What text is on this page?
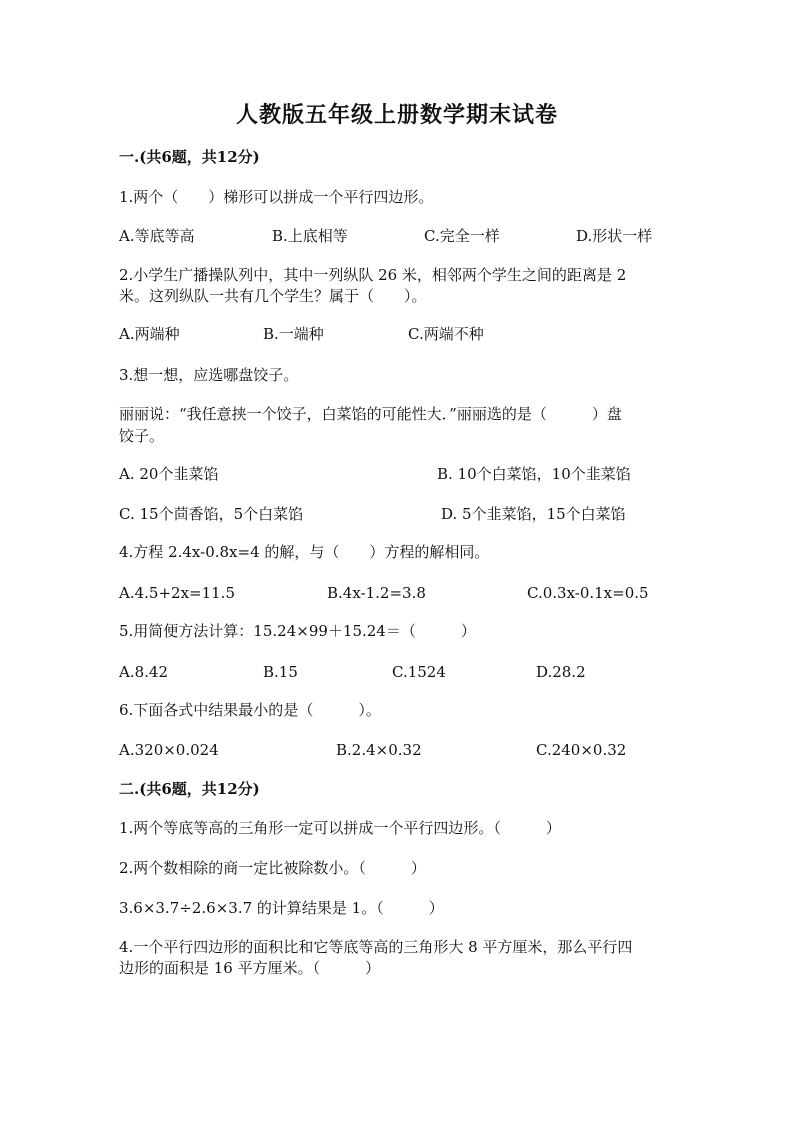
人教版五年级上册数学期末试卷
一.(共6题，共12分)
1.两个（　　）梯形可以拼成一个平行四边形。
A.等底等高	B.上底相等	C.完全一样	D.形状一样
2.小学生广播操队列中，其中一列纵队 26 米，相邻两个学生之间的距离是 2
米。这列纵队一共有几个学生？属于（　　）。
A.两端种	B.一端种	C.两端不种
3.想一想，应选哪盘饺子。
丽丽说：“我任意挟一个饺子，白菜馅的可能性大．”丽丽选的是（　　　）盘
饺子。
A. 20个韭菜馅	B. 10个白菜馅，10个韭菜馅
C. 15个茴香馅，5个白菜馅	D. 5个韭菜馅，15个白菜馅
4.方程 2.4x-0.8x=4 的解，与（　　）方程的解相同。
A.4.5+2x=11.5	B.4x-1.2=3.8	C.0.3x-0.1x=0.5
5.用简便方法计算：15.24×99＋15.24＝（　　　）
A.8.42	B.15	C.1524	D.28.2
6.下面各式中结果最小的是（　　　）。
A.320×0.024	B.2.4×0.32	C.240×0.32
二.(共6题，共12分)
1.两个等底等高的三角形一定可以拼成一个平行四边形。（　　　）
2.两个数相除的商一定比被除数小。（　　　）
3.6×3.7÷2.6×3.7 的计算结果是 1。（　　　）
4.一个平行四边形的面积比和它等底等高的三角形大 8 平方厘米，那么平行四
边形的面积是 16 平方厘米。（　　　）
